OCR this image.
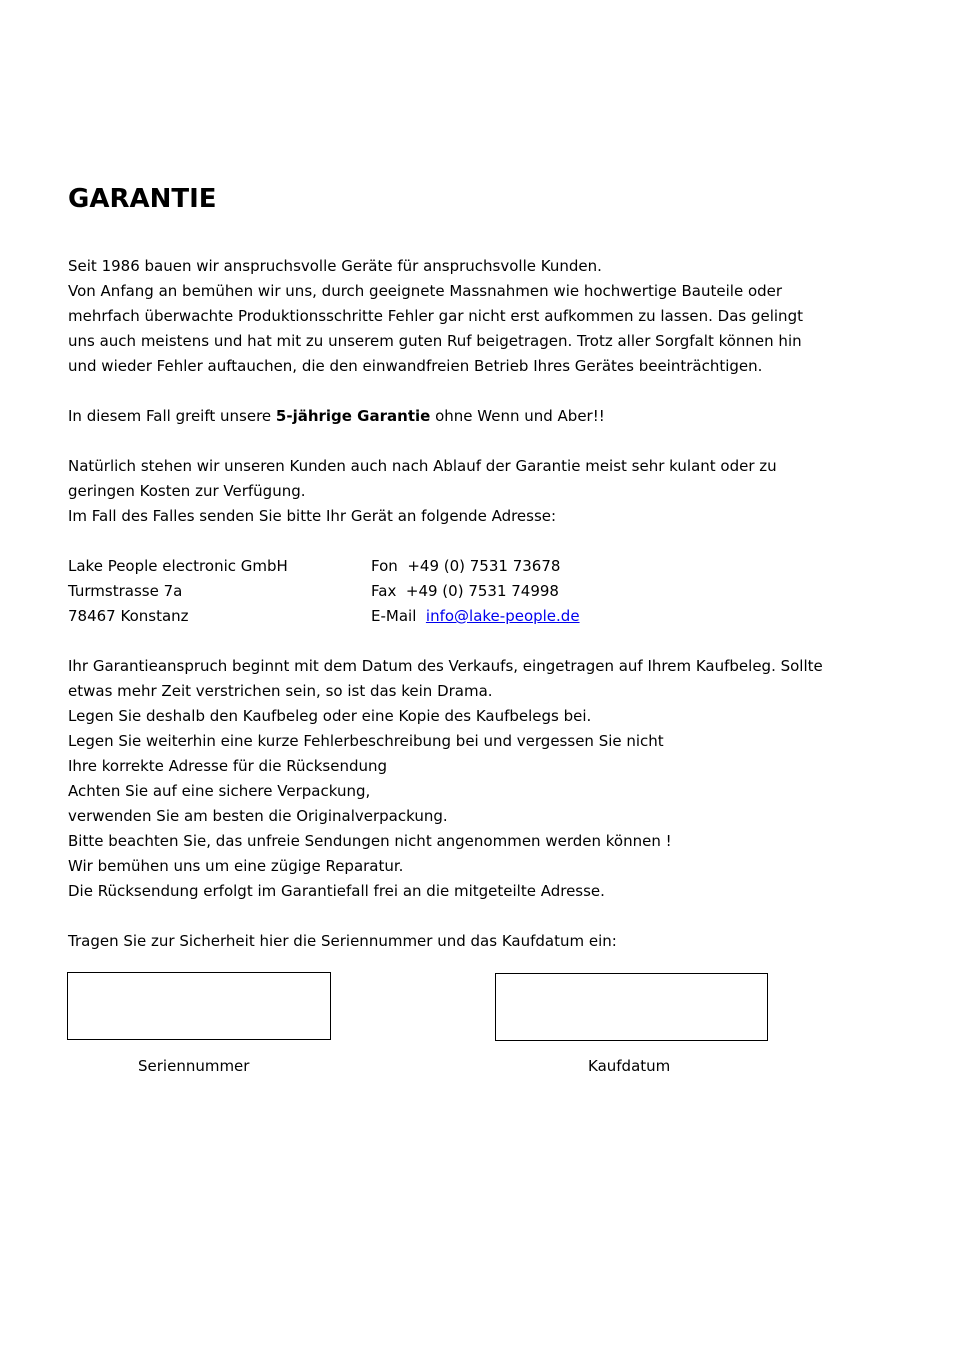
GARANTIE

Seit 1986 bauen wir anspruchsvolle Geräte für anspruchsvolle Kunden.

Von Anfang an bemühen wir uns, durch geeignete Massnahmen wie hochwertige Bauteile oder

mehrfach überwachte Produktionsschritte Fehler gar nicht erst aufkommen zu lassen. Das gelingt

uns auch meistens und hat mit zu unserem guten Ruf beigetragen. Trotz aller Sorgfalt können hin

und wieder Fehler auftauchen, die den einwandfreien Betrieb Ihres Gerätes beeinträchtigen.

In diesem Fall greift unsere 5-jährige Garantie ohne Wenn und Aber!!

Natürlich stehen wir unseren Kunden auch nach Ablauf der Garantie meist sehr kulant oder zu

geringen Kosten zur Verfügung.

Im Fall des Falles senden Sie bitte Ihr Gerät an folgende Adresse:

Lake People electronic GmbH
Turmstrasse 7a
78467 Konstanz
Fon +49 (0) 7531 73678
Fax +49 (0) 7531 74998
E-Mail info@lake-people.de

Ihr Garantieanspruch beginnt mit dem Datum des Verkaufs, eingetragen auf Ihrem Kaufbeleg. Sollte

etwas mehr Zeit verstrichen sein, so ist das kein Drama.

Legen Sie deshalb den Kaufbeleg oder eine Kopie des Kaufbelegs bei.

Legen Sie weiterhin eine kurze Fehlerbeschreibung bei und vergessen Sie nicht

Ihre korrekte Adresse für die Rücksendung

Achten Sie auf eine sichere Verpackung,

verwenden Sie am besten die Originalverpackung.

Bitte beachten Sie, das unfreie Sendungen nicht angenommen werden können !

Wir bemühen uns um eine zügige Reparatur.

Die Rücksendung erfolgt im Garantiefall frei an die mitgeteilte Adresse.

Tragen Sie zur Sicherheit hier die Seriennummer und das Kaufdatum ein:

Seriennummer	Kaufdatum
